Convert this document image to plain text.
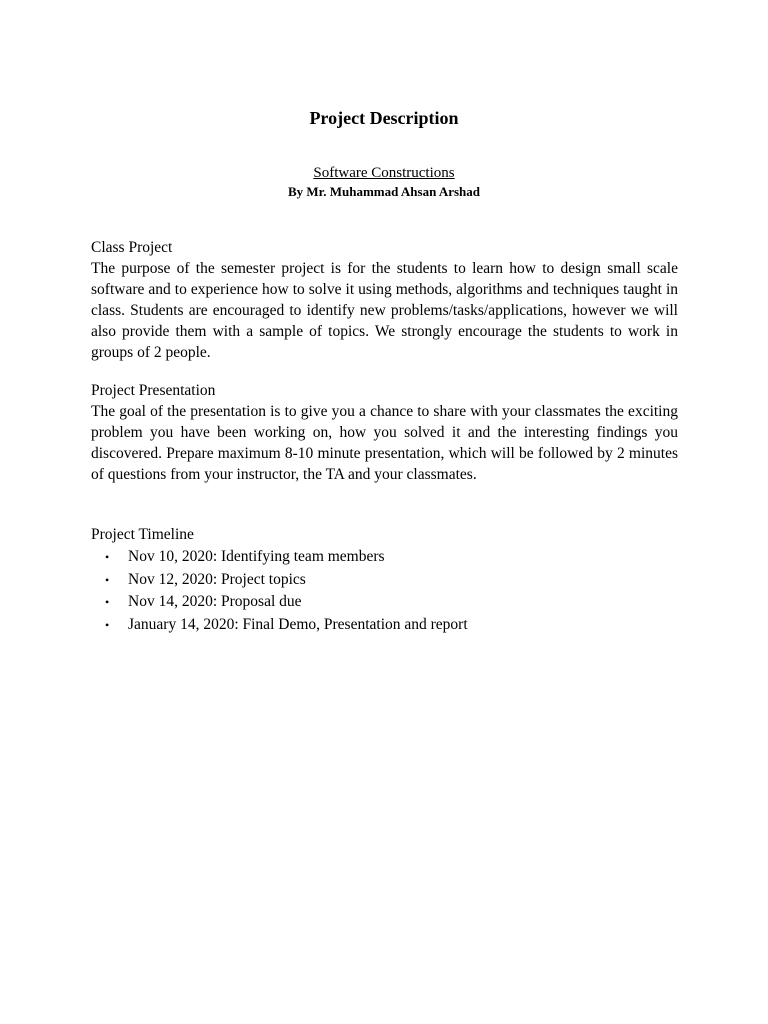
Project Description
Software Constructions
By Mr. Muhammad Ahsan Arshad
Class Project
The purpose of the semester project is for the students to learn how to design small scale software and to experience how to solve it using methods, algorithms and techniques taught in class. Students are encouraged to identify new problems/tasks/applications, however we will also provide them with a sample of topics. We strongly encourage the students to work in groups of 2 people.
Project Presentation
The goal of the presentation is to give you a chance to share with your classmates the exciting problem you have been working on, how you solved it and the interesting findings you discovered. Prepare maximum 8-10 minute presentation, which will be followed by 2 minutes of questions from your instructor, the TA and your classmates.
Project Timeline
• Nov 10, 2020: Identifying team members
• Nov 12, 2020: Project topics
• Nov 14, 2020: Proposal due
• January 14, 2020: Final Demo, Presentation and report
